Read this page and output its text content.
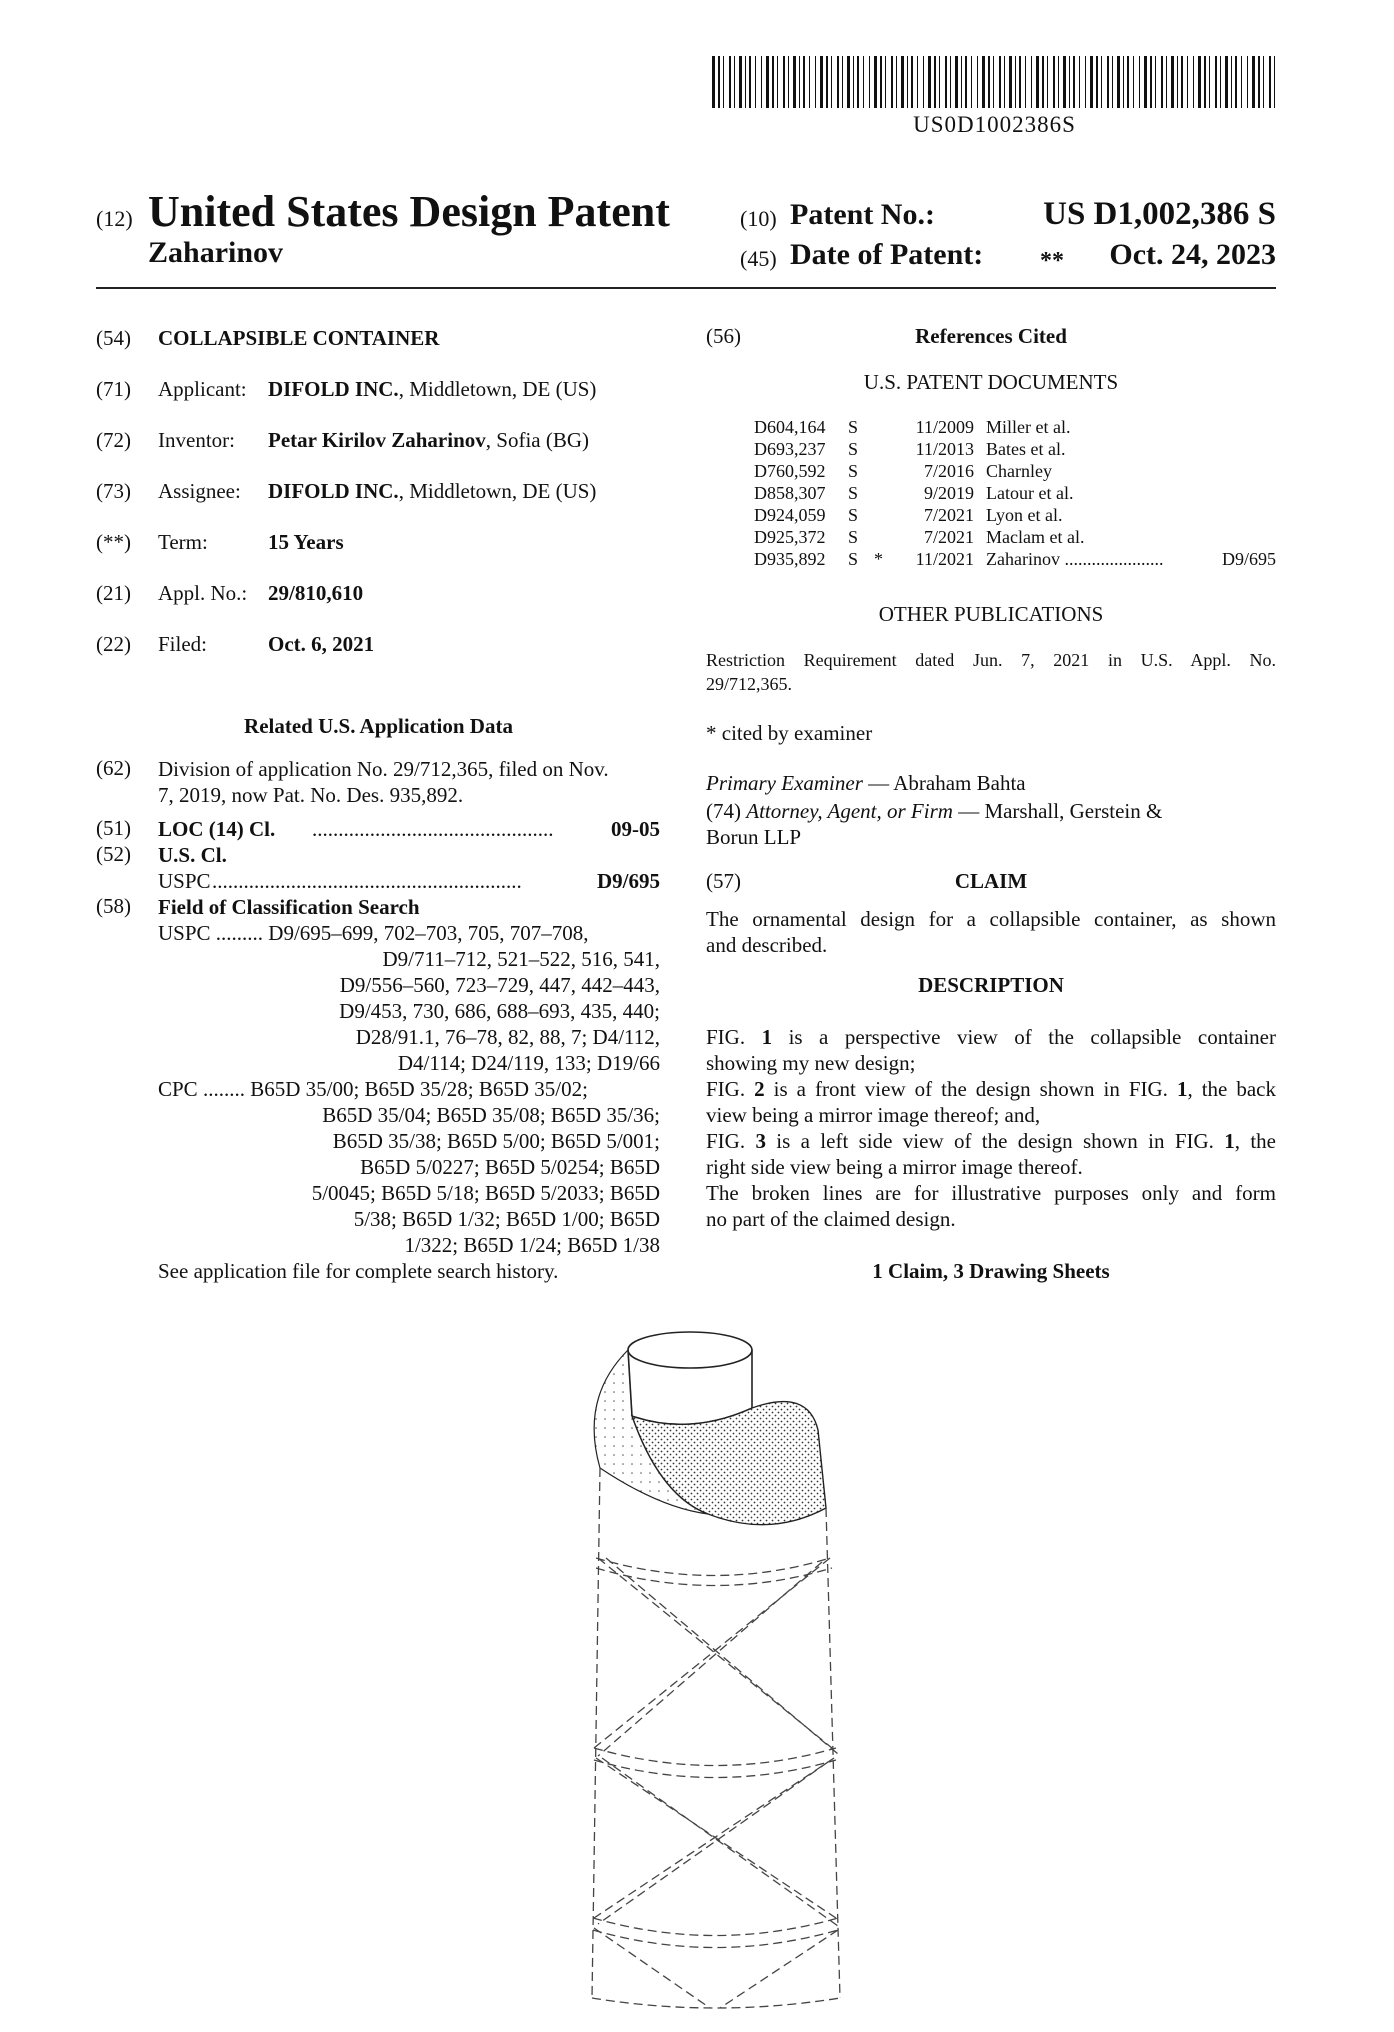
US0D1002386S
(12) United States Design Patent
Zaharinov
(10) Patent No.:	US D1,002,386 S
(45) Date of Patent: **	Oct. 24, 2023
(54)	COLLAPSIBLE CONTAINER
(71)	Applicant: DIFOLD INC., Middletown, DE (US)
(72)	Inventor: Petar Kirilov Zaharinov, Sofia (BG)
(73)	Assignee: DIFOLD INC., Middletown, DE (US)
(**)	Term:	15 Years
(21)	Appl. No.: 29/810,610
(22)	Filed:	Oct. 6, 2021
Related U.S. Application Data
(62)	Division of application No. 29/712,365, filed on Nov.
7, 2019, now Pat. No. Des. 935,892.
(51)	LOC (14) Cl. ..............................................	09-05
(52)	U.S. Cl.
USPC ...........................................................	D9/695
(58)	Field of Classification Search
USPC ......... D9/695–699, 702–703, 705, 707–708,
D9/711–712, 521–522, 516, 541,
D9/556–560, 723–729, 447, 442–443,
D9/453, 730, 686, 688–693, 435, 440;
D28/91.1, 76–78, 82, 88, 7; D4/112,
D4/114; D24/119, 133; D19/66
CPC ........ B65D 35/00; B65D 35/28; B65D 35/02;
B65D 35/04; B65D 35/08; B65D 35/36;
B65D 35/38; B65D 5/00; B65D 5/001;
B65D 5/0227; B65D 5/0254; B65D
5/0045; B65D 5/18; B65D 5/2033; B65D
5/38; B65D 1/32; B65D 1/00; B65D
1/322; B65D 1/24; B65D 1/38
See application file for complete search history.
(56)	References Cited
U.S. PATENT DOCUMENTS
D604,164 S	11/2009 Miller et al.
D693,237 S	11/2013 Bates et al.
D760,592 S	7/2016 Charnley
D858,307 S	9/2019 Latour et al.
D924,059 S	7/2021 Lyon et al.
D925,372 S	7/2021 Maclam et al.
D935,892 S *	11/2021 Zaharinov ......................	D9/695
OTHER PUBLICATIONS
Restriction Requirement dated Jun. 7, 2021 in U.S. Appl. No.
29/712,365.
* cited by examiner
Primary Examiner — Abraham Bahta
(74) Attorney, Agent, or Firm — Marshall, Gerstein &
Borun LLP
(57)	CLAIM
The ornamental design for a collapsible container, as shown
and described.
DESCRIPTION
FIG. 1 is a perspective view of the collapsible container
showing my new design;
FIG. 2 is a front view of the design shown in FIG. 1, the back
view being a mirror image thereof; and,
FIG. 3 is a left side view of the design shown in FIG. 1, the
right side view being a mirror image thereof.
The broken lines are for illustrative purposes only and form
no part of the claimed design.
1 Claim, 3 Drawing Sheets
